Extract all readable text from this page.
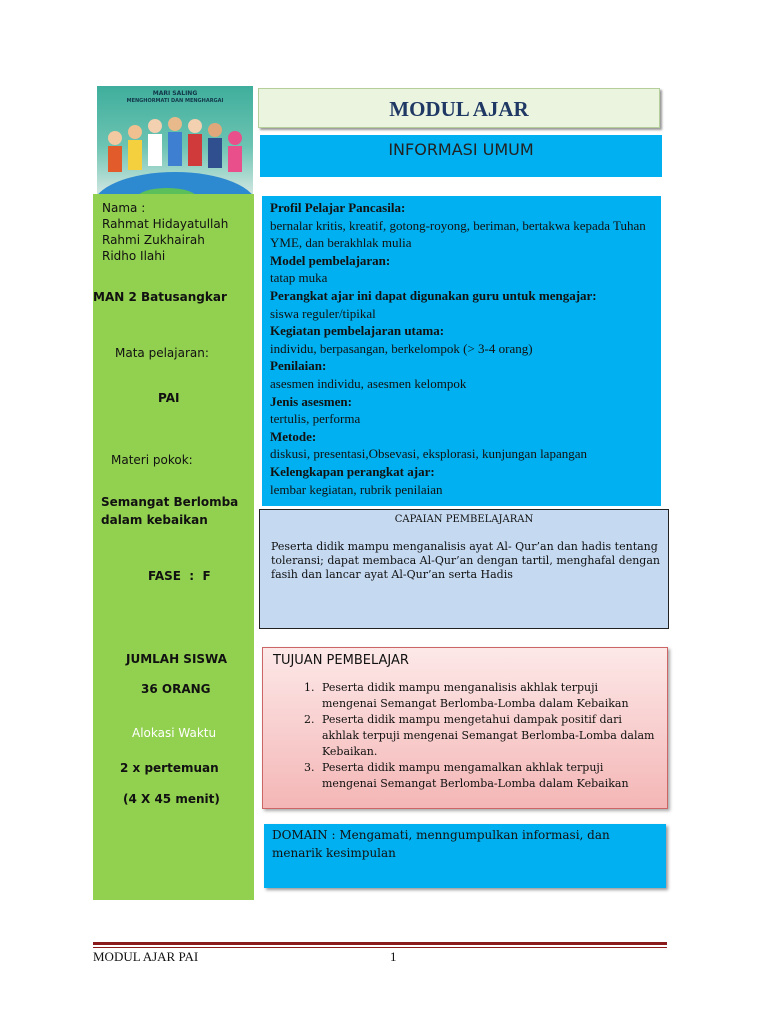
MARI SALING
MENGHORMATI DAN MENGHARGAI
Nama :
Rahmat Hidayatullah
Rahmi Zukhairah
Ridho Ilahi
MAN 2 Batusangkar
Mata pelajaran:
PAI
Materi pokok:
Semangat Berlomba
dalam kebaikan
FASE  :  F
JUMLAH SISWA
36 ORANG
Alokasi Waktu
2 x pertemuan
(4 X 45 menit)
MODUL AJAR
INFORMASI UMUM
Profil Pelajar Pancasila:
bernalar kritis, kreatif, gotong-royong, beriman, bertakwa kepada Tuhan YME, dan berakhlak mulia
Model pembelajaran:
tatap muka
Perangkat ajar ini dapat digunakan guru untuk mengajar:
siswa reguler/tipikal
Kegiatan pembelajaran utama:
individu, berpasangan, berkelompok (> 3-4 orang)
Penilaian:
asesmen individu, asesmen kelompok
Jenis asesmen:
tertulis, performa
Metode:
diskusi, presentasi,Obsevasi, eksplorasi, kunjungan lapangan
Kelengkapan perangkat ajar:
lembar kegiatan, rubrik penilaian
CAPAIAN PEMBELAJARAN
Peserta didik mampu menganalisis ayat Al- Qur’an dan hadis tentang toleransi; dapat membaca Al-Qur’an dengan tartil, menghafal dengan fasih dan lancar ayat Al-Qur’an serta Hadis
TUJUAN PEMBELAJAR
1. Peserta didik mampu menganalisis akhlak terpuji mengenai Semangat Berlomba-Lomba dalam Kebaikan
2. Peserta didik mampu mengetahui dampak positif dari akhlak terpuji mengenai Semangat Berlomba-Lomba dalam Kebaikan.
3. Peserta didik mampu mengamalkan akhlak terpuji mengenai Semangat Berlomba-Lomba dalam Kebaikan
DOMAIN : Mengamati, menngumpulkan informasi, dan menarik kesimpulan
MODUL AJAR PAI	1
